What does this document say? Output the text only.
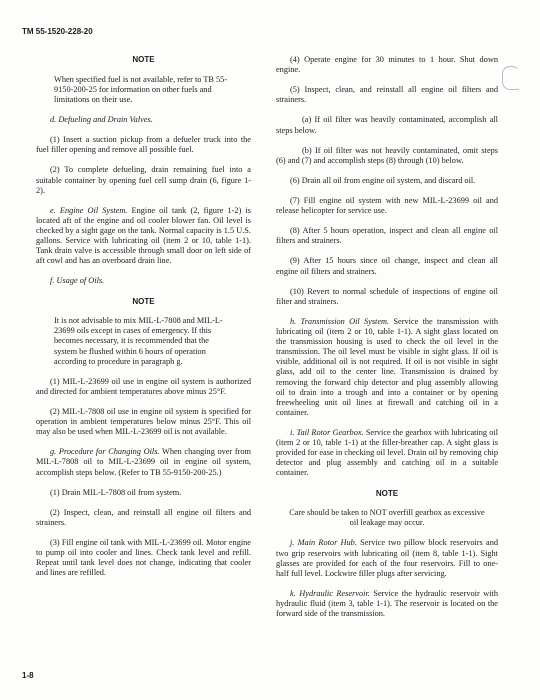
TM 55-1520-228-20

NOTE

When specified fuel is not available, refer to TB 55-9150-200-25 for information on other fuels and limitations on their use.

d. Defueling and Drain Valves.

(1) Insert a suction pickup from a defueler truck into the fuel filler opening and remove all possible fuel.

(2) To complete defueling, drain remaining fuel into a suitable container by opening fuel cell sump drain (6, figure 1-2).

e. Engine Oil System. Engine oil tank (2, figure 1-2) is located aft of the engine and oil cooler blower fan. Oil level is checked by a sight gage on the tank. Normal capacity is 1.5 U.S. gallons. Service with lubricating oil (item 2 or 10, table 1-1). Tank drain valve is accessible through small door on left side of aft cowl and has an overboard drain line.

f. Usage of Oils.

NOTE

It is not advisable to mix MIL-L-7808 and MIL-L-23699 oils except in cases of emergency. If this becomes necessary, it is recommended that the system be flushed within 6 hours of operation according to procedure in paragraph g.

(1) MIL-L-23699 oil use in engine oil system is authorized and directed for ambient temperatures above minus 25°F.

(2) MIL-L-7808 oil use in engine oil system is specified for operation in ambient temperatures below minus 25°F. This oil may also be used when MIL-L-23699 oil is not available.

g. Procedure for Changing Oils. When changing over from MIL-L-7808 oil to MIL-L-23699 oil in engine oil system, accomplish steps below. (Refer to TB 55-9150-200-25.)

(1) Drain MIL-L-7808 oil from system.

(2) Inspect, clean, and reinstall all engine oil filters and strainers.

(3) Fill engine oil tank with MIL-L-23699 oil. Motor engine to pump oil into cooler and lines. Check tank level and refill. Repeat until tank level does not change, indicating that cooler and lines are refilled.

(4) Operate engine for 30 minutes to 1 hour. Shut down engine.

(5) Inspect, clean, and reinstall all engine oil filters and strainers.

(a) If oil filter was heavily contaminated, accomplish all steps below.

(b) If oil filter was not heavily contaminated, omit steps (6) and (7) and accomplish steps (8) through (10) below.

(6) Drain all oil from engine oil system, and discard oil.

(7) Fill engine oil system with new MIL-L-23699 oil and release helicopter for service use.

(8) After 5 hours operation, inspect and clean all engine oil filters and strainers.

(9) After 15 hours since oil change, inspect and clean all engine oil filters and strainers.

(10) Revert to normal schedule of inspections of engine oil filter and strainers.

h. Transmission Oil System. Service the transmission with lubricating oil (item 2 or 10, table 1-1). A sight glass located on the transmission housing is used to check the oil level in the transmission. The oil level must be visible in sight glass. If oil is visible, additional oil is not required. If oil is not visible in sight glass, add oil to the center line. Transmission is drained by removing the forward chip detector and plug assembly allowing oil to drain into a trough and into a container or by opening freewheeling unit oil lines at firewall and catching oil in a container.

i. Tail Rotor Gearbox. Service the gearbox with lubricating oil (item 2 or 10, table 1-1) at the filler-breather cap. A sight glass is provided for ease in checking oil level. Drain oil by removing chip detector and plug assembly and catching oil in a suitable container.

NOTE

Care should be taken to NOT overfill gearbox as excessive oil leakage may occur.

j. Main Rotor Hub. Service two pillow block reservoirs and two grip reservoirs with lubricating oil (item 8, table 1-1). Sight glasses are provided for each of the four reservoirs. Fill to one-half full level. Lockwire filler plugs after servicing.

k. Hydraulic Reservoir. Service the hydraulic reservoir with hydraulic fluid (item 3, table 1-1). The reservoir is located on the forward side of the transmission.

1-8
